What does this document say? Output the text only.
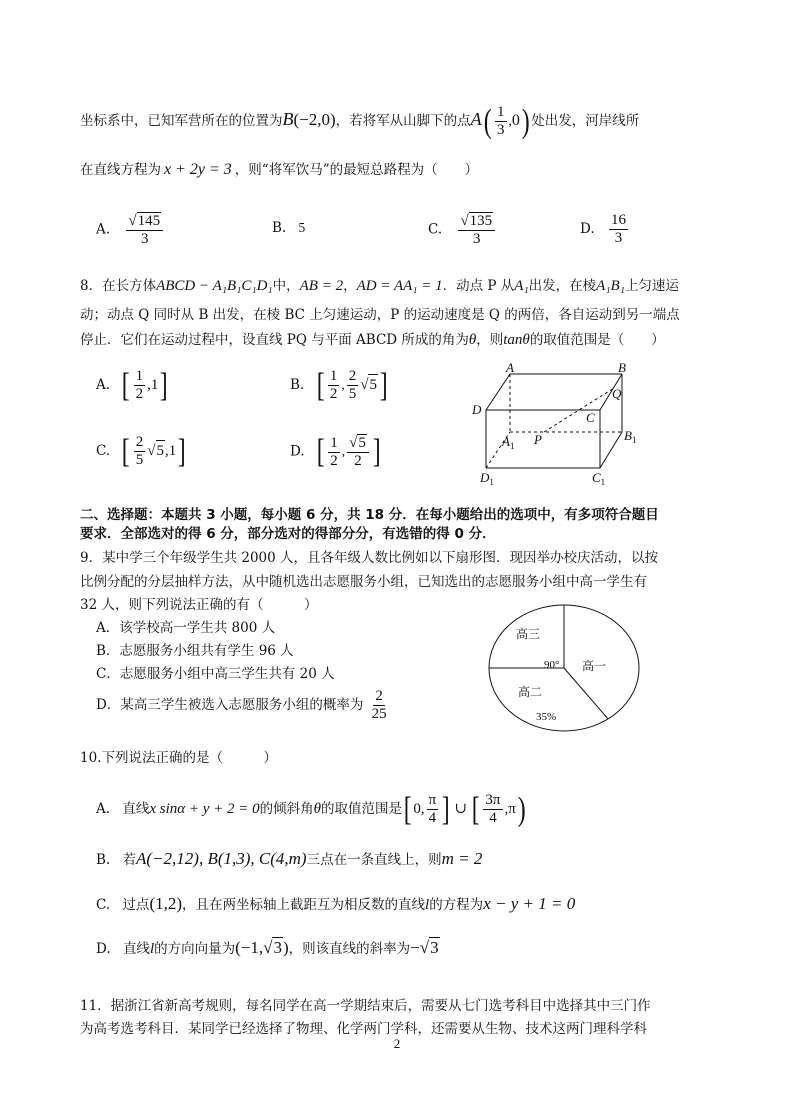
坐标系中，已知军营所在的位置为B(−2,0)，若将军从山脚下的点$A( \frac{1}{3} ,0)$ 处出发，河岸线所
在直线方程为 x + 2y = 3 ，则“将军饮马”的最短总路程为（　　）
A. $\frac{√145}{3}$	B. 5	C. $\frac{√135}{3}$	D. $\frac{16}{3}$
8．在长方体ABCD − A₁B₁C₁D₁中，AB = 2，AD = AA₁ = 1．动点 P 从A₁出发，在棱A₁B₁上匀速运
动；动点 Q 同时从 B 出发，在棱 BC 上匀速运动，P 的运动速度是 Q 的两倍，各自运动到另一端点
停止．它们在运动过程中，设直线 PQ 与平面 ABCD 所成的角为θ，则tanθ的取值范围是（　　）
A. [ $\frac{1}{2} ,1$]	B. [ $\frac{1}{2}$ , $\frac{2}{5} √5$]
C. [ $\frac{2}{5} √5,1$]	D. [ $\frac{1}{2}$ , $\frac{√5}{2}$ ]
A	B
D
C
Q
$A_1$ P	$B_1$
$D_1$	$C_1$
二、选择题：本题共 3 小题，每小题 6 分，共 18 分．在每小题给出的选项中，有多项符合题目
要求．全部选对的得 6 分，部分选对的得部分分，有选错的得 0 分．
9．某中学三个年级学生共 2000 人，且各年级人数比例如以下扇形图．现因举办校庆活动，以按
比例分配的分层抽样方法，从中随机选出志愿服务小组，已知选出的志愿服务小组中高一学生有
32 人，则下列说法正确的有（　　　）
A．该学校高一学生共 800 人
B．志愿服务小组共有学生 96 人
C．志愿服务小组中高三学生共有 20 人
D．某高三学生被选入志愿服务小组的概率为 $\frac{2}{25}$
高三
90° 高一
高二
35%
10.下列说法正确的是（　　　）
A. 直线x sinα + y + 2 = 0的倾斜角θ的取值范围是[ 0, $\frac{\pi}{4}$ ] ∪ [ $\frac{3\pi}{4} ,\pi$)
B. 若A(−2,12), B(1,3), C(4,m)三点在一条直线上，则m = 2
C. 过点(1,2)，且在两坐标轴上截距互为相反数的直线l的方程为x − y + 1 = 0
D. 直线l的方向向量为(−1,√3)，则该直线的斜率为−√3
11．据浙江省新高考规则，每名同学在高一学期结束后，需要从七门选考科目中选择其中三门作
为高考选考科目．某同学已经选择了物理、化学两门学科，还需要从生物、技术这两门理科学科
2
